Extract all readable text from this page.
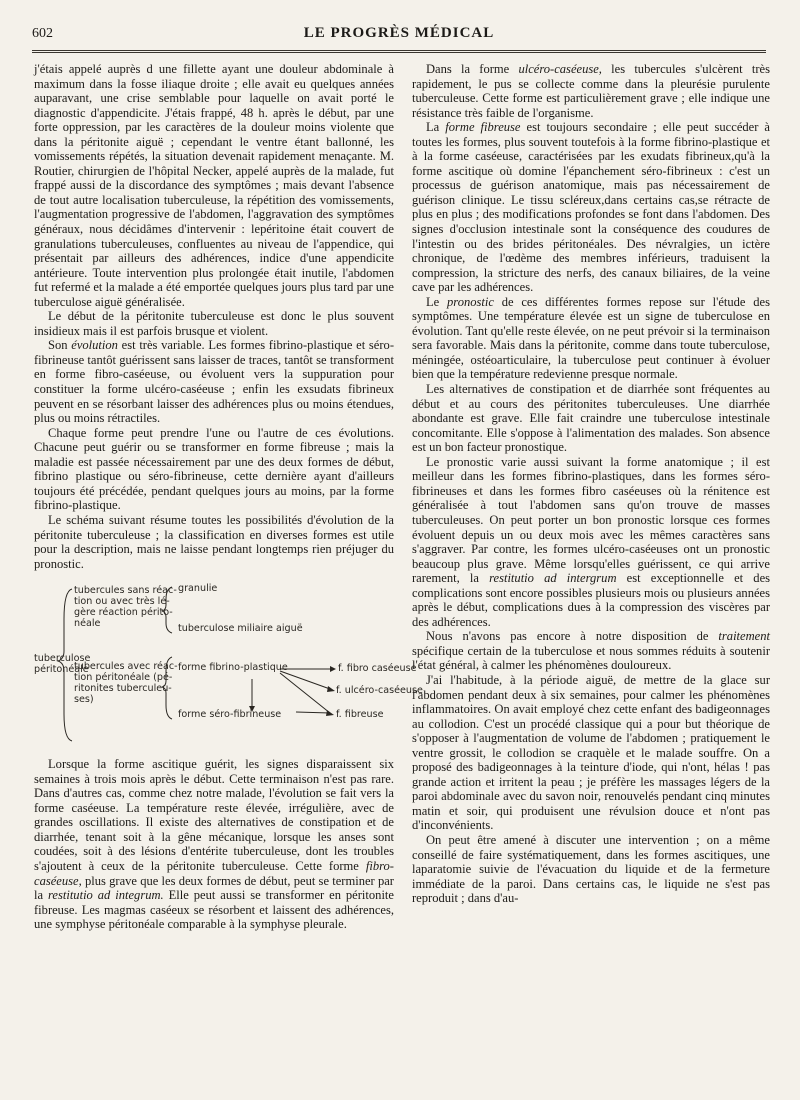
602	LE PROGRÈS MÉDICAL

j'étais appelé auprès d une fillette ayant une douleur abdominale à maximum dans la fosse iliaque droite ; elle avait eu quelques années auparavant, une crise semblable pour laquelle on avait porté le diagnostic d'appendicite. J'étais frappé, 48 h. après le début, par une forte oppression, par les caractères de la douleur moins violente que dans la péritonite aiguë ; cependant le ventre étant ballonné, les vomissements répétés, la situation devenait rapidement menaçante. M. Routier, chirurgien de l'hôpital Necker, appelé auprès de la malade, fut frappé aussi de la discordance des symptômes ; mais devant l'absence de tout autre localisation tuberculeuse, la répétition des vomissements, l'augmentation progressive de l'abdomen, l'aggravation des symptômes généraux, nous décidâmes d'intervenir : lepéritoine était couvert de granulations tuberculeuses, confluentes au niveau de l'appendice, qui présentait par ailleurs des adhérences, indice d'une appendicite antérieure. Toute intervention plus prolongée était inutile, l'abdomen fut refermé et la malade a été emportée quelques jours plus tard par une tuberculose aiguë généralisée.

Le début de la péritonite tuberculeuse est donc le plus souvent insidieux mais il est parfois brusque et violent.

Son évolution est très variable. Les formes fibrino-plastique et séro-fibrineuse tantôt guérissent sans laisser de traces, tantôt se transforment en forme fibro-caséeuse, ou évoluent vers la suppuration pour constituer la forme ulcéro-caséeuse ; enfin les exsudats fibrineux peuvent en se résorbant laisser des adhérences plus ou moins étendues, plus ou moins rétractiles.

Chaque forme peut prendre l'une ou l'autre de ces évolutions. Chacune peut guérir ou se transformer en forme fibreuse ; mais la maladie est passée nécessairement par une des deux formes de début, fibrino plastique ou séro-fibrineuse, cette dernière ayant d'ailleurs toujours été précédée, pendant quelques jours au moins, par la forme fibrino-plastique.

Le schéma suivant résume toutes les possibilités d'évolution de la péritonite tuberculeuse ; la classification en diverses formes est utile pour la description, mais ne laisse pendant longtemps rien préjuger du pronostic.

tuberculose
péritonéale
tubercules sans réac-
tion ou avec très lé-
gère réaction périto-
néale
granulie
tuberculose miliaire aiguë
tubercules avec réac-
tion péritonéale (pé-
ritonites tuberculeu-
ses)
forme fibrino-plastique
forme séro-fibrineuse
f. fibro caséeuse
f. ulcéro-caséeuse
f. fibreuse

Lorsque la forme ascitique guérit, les signes disparaissent six semaines à trois mois après le début. Cette terminaison n'est pas rare. Dans d'autres cas, comme chez notre malade, l'évolution se fait vers la forme caséeuse. La température reste élevée, irrégulière, avec de grandes oscillations. Il existe des alternatives de constipation et de diarrhée, tenant soit à la gêne mécanique, lorsque les anses sont coudées, soit à des lésions d'entérite tuberculeuse, dont les troubles s'ajoutent à ceux de la péritonite tuberculeuse. Cette forme fibro-caséeuse, plus grave que les deux formes de début, peut se terminer par la restitutio ad integrum. Elle peut aussi se transformer en péritonite fibreuse. Les magmas caséeux se résorbent et laissent des adhérences, une symphyse péritonéale comparable à la symphyse pleurale.

Dans la forme ulcéro-caséeuse, les tubercules s'ulcèrent très rapidement, le pus se collecte comme dans la pleurésie purulente tuberculeuse. Cette forme est particulièrement grave ; elle indique une résistance très faible de l'organisme.

La forme fibreuse est toujours secondaire ; elle peut succéder à toutes les formes, plus souvent toutefois à la forme fibrino-plastique et à la forme caséeuse, caractérisées par les exudats fibrineux,qu'à la forme ascitique où domine l'épanchement séro-fibrineux : c'est un processus de guérison anatomique, mais pas nécessairement de guérison clinique. Le tissu scléreux,dans certains cas,se rétracte de plus en plus ; des modifications profondes se font dans l'abdomen. Des signes d'occlusion intestinale sont la conséquence des coudures de l'intestin ou des brides péritonéales. Des névralgies, un ictère chronique, de l'œdème des membres inférieurs, traduisent la compression, la stricture des nerfs, des canaux biliaires, de la veine cave par les adhérences.

Le pronostic de ces différentes formes repose sur l'étude des symptômes. Une température élevée est un signe de tuberculose en évolution. Tant qu'elle reste élevée, on ne peut prévoir si la terminaison sera favorable. Mais dans la péritonite, comme dans toute tuberculose, méningée, ostéoarticulaire, la tuberculose peut continuer à évoluer bien que la température redevienne presque normale.

Les alternatives de constipation et de diarrhée sont fréquentes au début et au cours des péritonites tuberculeuses. Une diarrhée abondante est grave. Elle fait craindre une tuberculose intestinale concomitante. Elle s'oppose à l'alimentation des malades. Son absence est un bon facteur pronostique.

Le pronostic varie aussi suivant la forme anatomique ; il est meilleur dans les formes fibrino-plastiques, dans les formes séro-fibrineuses et dans les formes fibro caséeuses où la rénitence est généralisée à tout l'abdomen sans qu'on trouve de masses tuberculeuses. On peut porter un bon pronostic lorsque ces formes évoluent depuis un ou deux mois avec les mêmes caractères sans s'aggraver. Par contre, les formes ulcéro-caséeuses ont un pronostic beaucoup plus grave. Même lorsqu'elles guérissent, ce qui arrive rarement, la restitutio ad intergrum est exceptionnelle et des complications sont encore possibles plusieurs mois ou plusieurs années après le début, complications dues à la compression des viscères par des adhérences.

Nous n'avons pas encore à notre disposition de traitement spécifique certain de la tuberculose et nous sommes réduits à soutenir l'état général, à calmer les phénomènes douloureux.

J'ai l'habitude, à la période aiguë, de mettre de la glace sur l'abdomen pendant deux à six semaines, pour calmer les phénomènes inflammatoires. On avait employé chez cette enfant des badigeonnages au collodion. C'est un procédé classique qui a pour but théorique de s'opposer à l'augmentation de volume de l'abdomen ; pratiquement le ventre grossit, le collodion se craquèle et le malade souffre. On a proposé des badigeonnages à la teinture d'iode, qui n'ont, hélas ! pas grande action et irritent la peau ; je préfère les massages légers de la paroi abdominale avec du savon noir, renouvelés pendant cinq minutes matin et soir, qui produisent une révulsion douce et n'ont pas d'inconvénients.

On peut être amené à discuter une intervention ; on a même conseillé de faire systématiquement, dans les formes ascitiques, une laparatomie suivie de l'évacuation du liquide et de la fermeture immédiate de la paroi. Dans certains cas, le liquide ne s'est pas reproduit ; dans d'au-
